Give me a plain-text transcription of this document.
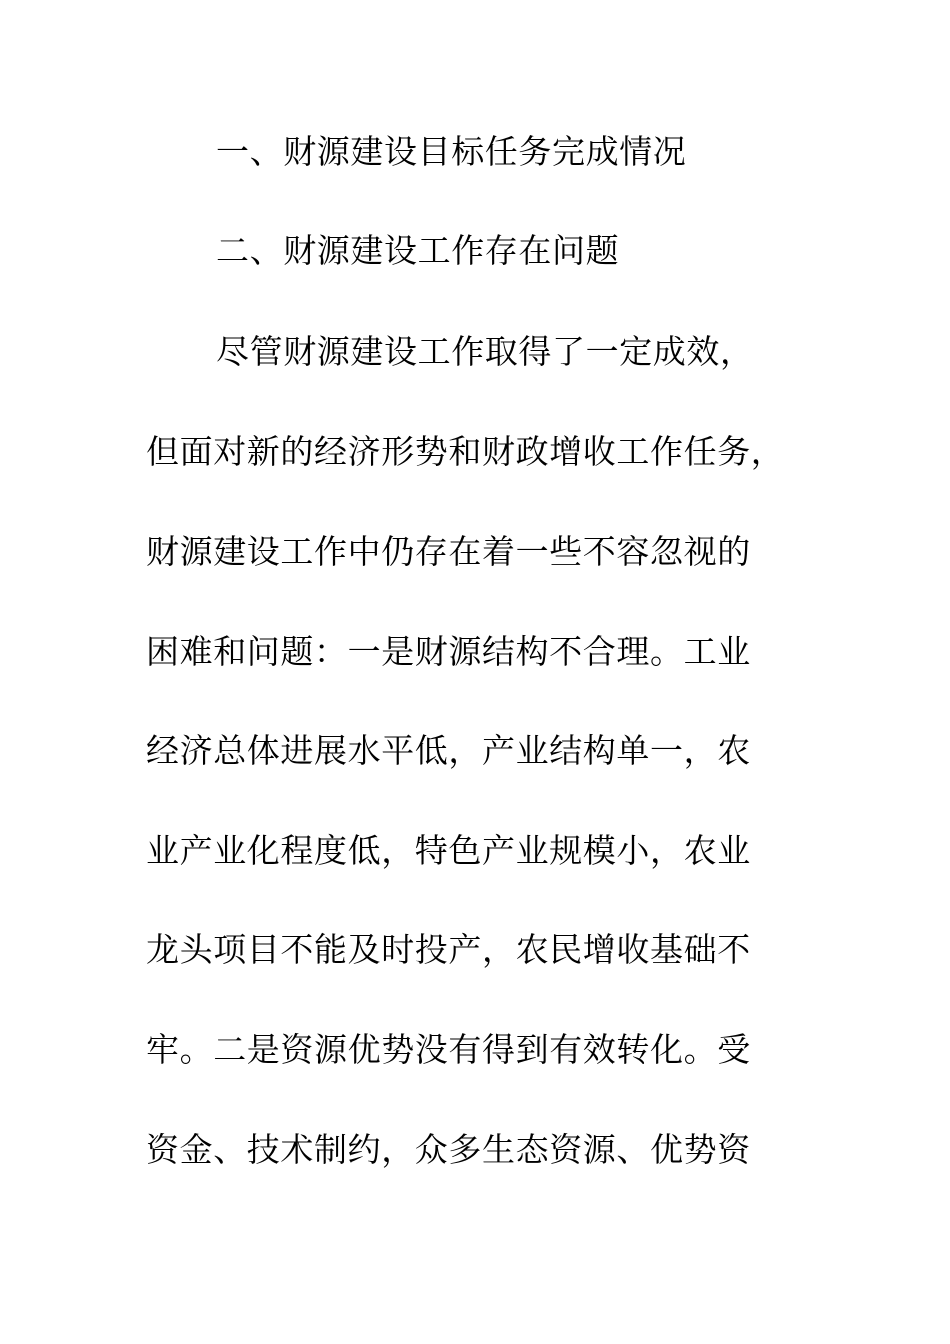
一、财源建设目标任务完成情况
二、财源建设工作存在问题
尽管财源建设工作取得了一定成效，
但面对新的经济形势和财政增收工作任务，
财源建设工作中仍存在着一些不容忽视的
困难和问题：一是财源结构不合理。工业
经济总体进展水平低，产业结构单一，农
业产业化程度低，特色产业规模小，农业
龙头项目不能及时投产，农民增收基础不
牢。二是资源优势没有得到有效转化。受
资金、技术制约，众多生态资源、优势资
